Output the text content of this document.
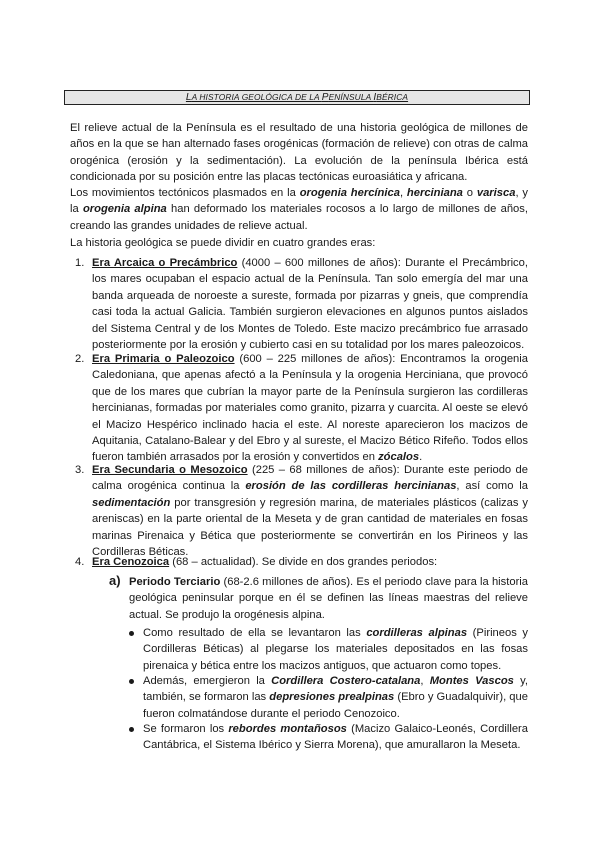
LA HISTORIA GEOLÓGICA DE LA PENÍNSULA IBÉRICA

El relieve actual de la Península es el resultado de una historia geológica de millones de años en la que se han alternado fases orogénicas (formación de relieve) con otras de calma orogénica (erosión y la sedimentación). La evolución de la península Ibérica está condicionada por su posición entre las placas tectónicas euroasiática y africana.

Los movimientos tectónicos plasmados en la orogenia hercínica, herciniana o varisca, y la orogenia alpina han deformado los materiales rocosos a lo largo de millones de años, creando las grandes unidades de relieve actual.

La historia geológica se puede dividir en cuatro grandes eras:

1. Era Arcaica o Precámbrico (4000 – 600 millones de años): Durante el Precámbrico, los mares ocupaban el espacio actual de la Península. Tan solo emergía del mar una banda arqueada de noroeste a sureste, formada por pizarras y gneis, que comprendía casi toda la actual Galicia. También surgieron elevaciones en algunos puntos aislados del Sistema Central y de los Montes de Toledo. Este macizo precámbrico fue arrasado posteriormente por la erosión y cubierto casi en su totalidad por los mares paleozoicos.

2. Era Primaria o Paleozoico (600 – 225 millones de años): Encontramos la orogenia Caledoniana, que apenas afectó a la Península y la orogenia Herciniana, que provocó que de los mares que cubrían la mayor parte de la Península surgieron las cordilleras hercinianas, formadas por materiales como granito, pizarra y cuarcita. Al oeste se elevó el Macizo Hespérico inclinado hacia el este. Al noreste aparecieron los macizos de Aquitania, Catalano-Balear y del Ebro y al sureste, el Macizo Bético Rifeño. Todos ellos fueron también arrasados por la erosión y convertidos en zócalos.

3. Era Secundaria o Mesozoico (225 – 68 millones de años): Durante este periodo de calma orogénica continua la erosión de las cordilleras hercinianas, así como la sedimentación por transgresión y regresión marina, de materiales plásticos (calizas y areniscas) en la parte oriental de la Meseta y de gran cantidad de materiales en fosas marinas Pirenaica y Bética que posteriormente se convertirán en los Pirineos y las Cordilleras Béticas.

4. Era Cenozoica (68 – actualidad). Se divide en dos grandes periodos:

a) Periodo Terciario (68-2.6 millones de años). Es el periodo clave para la historia geológica peninsular porque en él se definen las líneas maestras del relieve actual. Se produjo la orogénesis alpina.

Como resultado de ella se levantaron las cordilleras alpinas (Pirineos y Cordilleras Béticas) al plegarse los materiales depositados en las fosas pirenaica y bética entre los macizos antiguos, que actuaron como topes.

Además, emergieron la Cordillera Costero-catalana, Montes Vascos y, también, se formaron las depresiones prealpinas (Ebro y Guadalquivir), que fueron colmatándose durante el periodo Cenozoico.

Se formaron los rebordes montañosos (Macizo Galaico-Leonés, Cordillera Cantábrica, el Sistema Ibérico y Sierra Morena), que amurallaron la Meseta.
